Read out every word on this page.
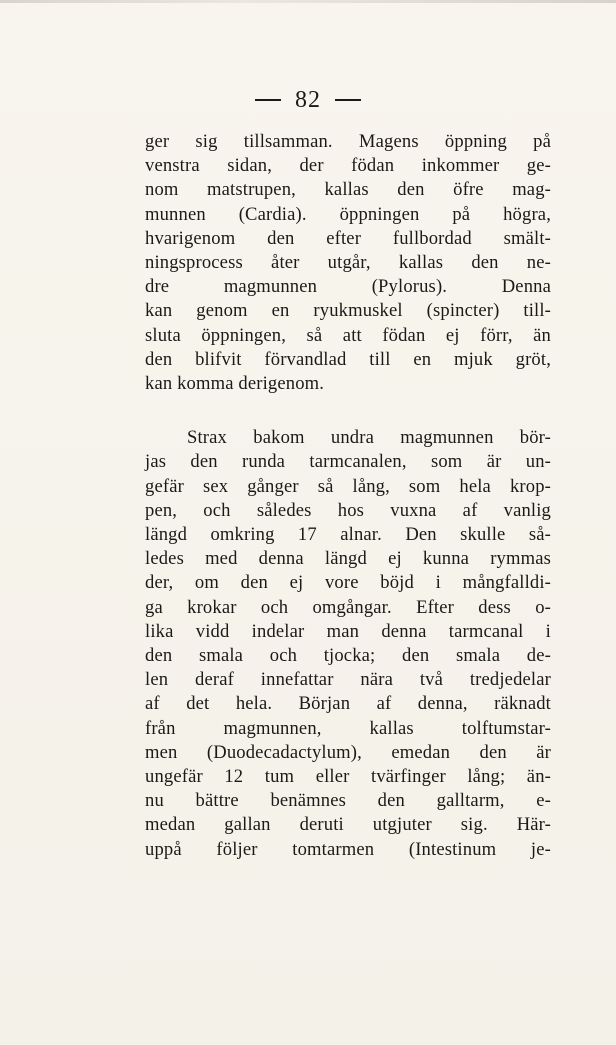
82
ger sig tillsamman. Magens öppning på
venstra sidan, der födan inkommer ge-
nom matstrupen, kallas den öfre mag-
munnen (Cardia). öppningen på högra,
hvarigenom den efter fullbordad smält-
ningsprocess åter utgår, kallas den ne-
dre magmunnen (Pylorus). Denna
kan genom en ryukmuskel (spincter) till-
sluta öppningen, så att födan ej förr, än
den blifvit förvandlad till en mjuk gröt,
kan komma derigenom.
Strax bakom undra magmunnen bör-
jas den runda tarmcanalen, som är un-
gefär sex gånger så lång, som hela krop-
pen, och således hos vuxna af vanlig
längd omkring 17 alnar. Den skulle så-
ledes med denna längd ej kunna rymmas
der, om den ej vore böjd i mångfalldi-
ga krokar och omgångar. Efter dess o-
lika vidd indelar man denna tarmcanal i
den smala och tjocka; den smala de-
len deraf innefattar nära två tredjedelar
af det hela. Början af denna, räknadt
från magmunnen, kallas tolftumstar-
men (Duodecadactylum), emedan den är
ungefär 12 tum eller tvärfinger lång; än-
nu bättre benämnes den galltarm, e-
medan gallan deruti utgjuter sig. Här-
uppå följer tomtarmen (Intestinum je-
